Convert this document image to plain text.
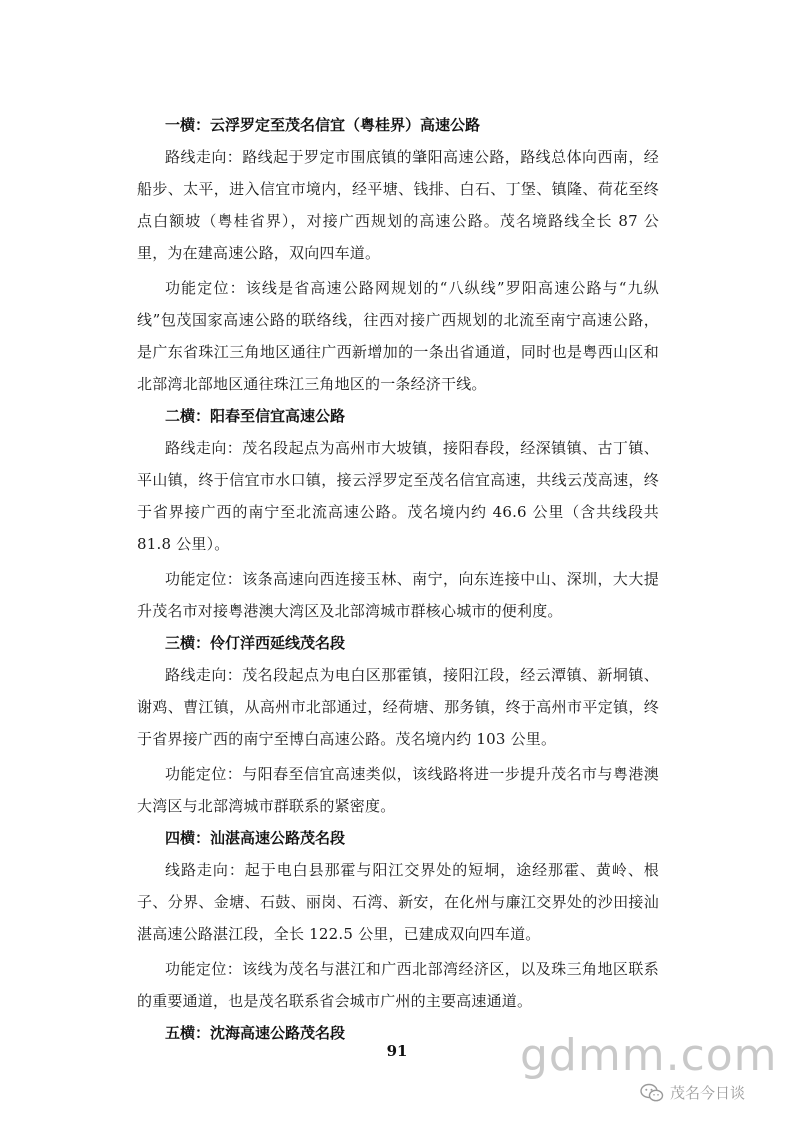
一横：云浮罗定至茂名信宜（粤桂界）高速公路

路线走向：路线起于罗定市围底镇的肇阳高速公路，路线总体向西南，经船步、太平，进入信宜市境内，经平塘、钱排、白石、丁堡、镇隆、荷花至终点白额坡（粤桂省界），对接广西规划的高速公路。茂名境路线全长 87 公里，为在建高速公路，双向四车道。

功能定位：该线是省高速公路网规划的“八纵线”罗阳高速公路与“九纵线”包茂国家高速公路的联络线，往西对接广西规划的北流至南宁高速公路，是广东省珠江三角地区通往广西新增加的一条出省通道，同时也是粤西山区和北部湾北部地区通往珠江三角地区的一条经济干线。

二横：阳春至信宜高速公路

路线走向：茂名段起点为高州市大坡镇，接阳春段，经深镇镇、古丁镇、平山镇，终于信宜市水口镇，接云浮罗定至茂名信宜高速，共线云茂高速，终于省界接广西的南宁至北流高速公路。茂名境内约 46.6 公里（含共线段共 81.8 公里）。

功能定位：该条高速向西连接玉林、南宁，向东连接中山、深圳，大大提升茂名市对接粤港澳大湾区及北部湾城市群核心城市的便利度。

三横：伶仃洋西延线茂名段

路线走向：茂名段起点为电白区那霍镇，接阳江段，经云潭镇、新垌镇、谢鸡、曹江镇，从高州市北部通过，经荷塘、那务镇，终于高州市平定镇，终于省界接广西的南宁至博白高速公路。茂名境内约 103 公里。

功能定位：与阳春至信宜高速类似，该线路将进一步提升茂名市与粤港澳大湾区与北部湾城市群联系的紧密度。

四横：汕湛高速公路茂名段

线路走向：起于电白县那霍与阳江交界处的短垌，途经那霍、黄岭、根子、分界、金塘、石鼓、丽岗、石湾、新安，在化州与廉江交界处的沙田接汕湛高速公路湛江段，全长 122.5 公里，已建成双向四车道。

功能定位：该线为茂名与湛江和广西北部湾经济区，以及珠三角地区联系的重要通道，也是茂名联系省会城市广州的主要高速通道。

五横：沈海高速公路茂名段
91	gdmm.com
茂名今日谈
